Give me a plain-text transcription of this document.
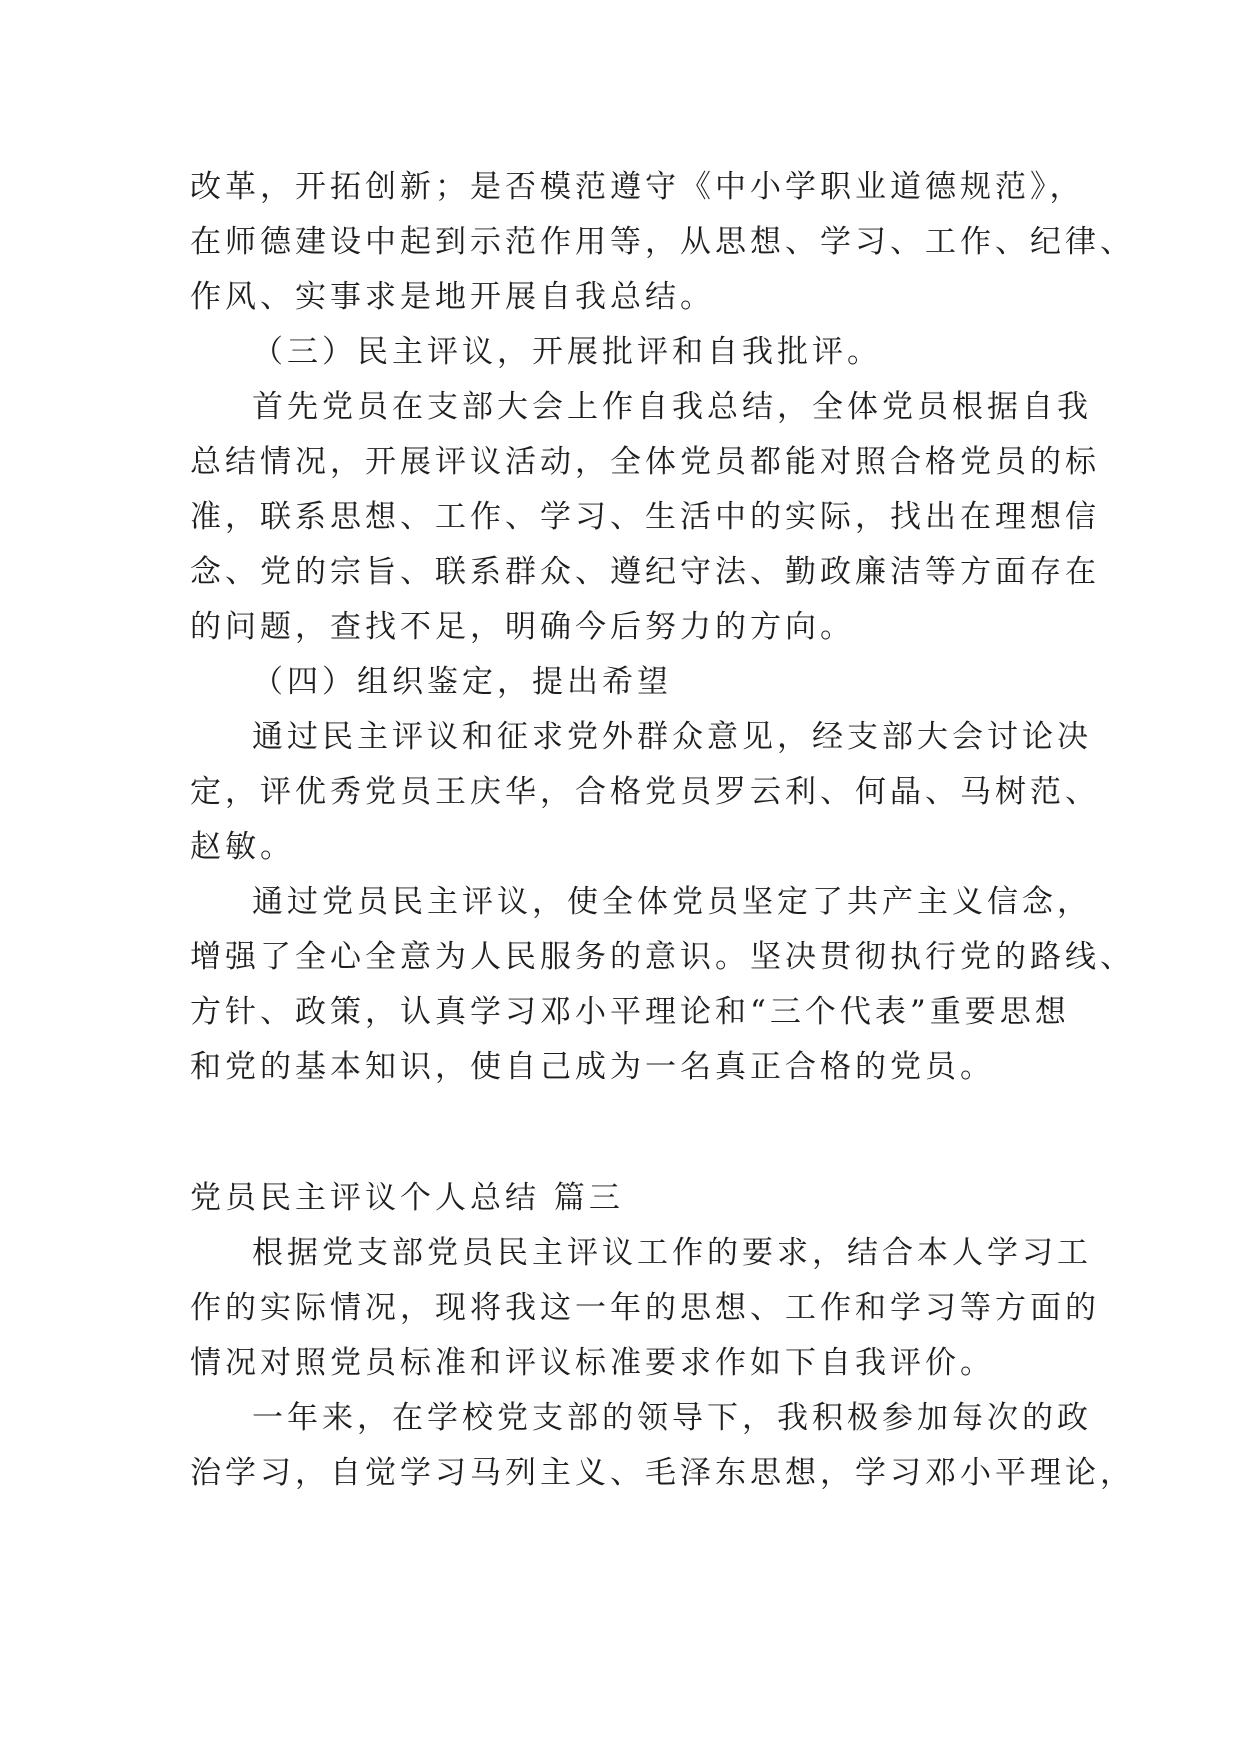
改革，开拓创新；是否模范遵守《中小学职业道德规范》，
在师德建设中起到示范作用等，从思想、学习、工作、纪律、
作风、实事求是地开展自我总结。
（三）民主评议，开展批评和自我批评。
首先党员在支部大会上作自我总结，全体党员根据自我
总结情况，开展评议活动，全体党员都能对照合格党员的标
准，联系思想、工作、学习、生活中的实际，找出在理想信
念、党的宗旨、联系群众、遵纪守法、勤政廉洁等方面存在
的问题，查找不足，明确今后努力的方向。
（四）组织鉴定，提出希望
通过民主评议和征求党外群众意见，经支部大会讨论决
定，评优秀党员王庆华，合格党员罗云利、何晶、马树范、
赵敏。
通过党员民主评议，使全体党员坚定了共产主义信念，
增强了全心全意为人民服务的意识。坚决贯彻执行党的路线、
方针、政策，认真学习邓小平理论和“三个代表”重要思想
和党的基本知识，使自己成为一名真正合格的党员。
党员民主评议个人总结 篇三
根据党支部党员民主评议工作的要求，结合本人学习工
作的实际情况，现将我这一年的思想、工作和学习等方面的
情况对照党员标准和评议标准要求作如下自我评价。
一年来，在学校党支部的领导下，我积极参加每次的政
治学习，自觉学习马列主义、毛泽东思想，学习邓小平理论，
